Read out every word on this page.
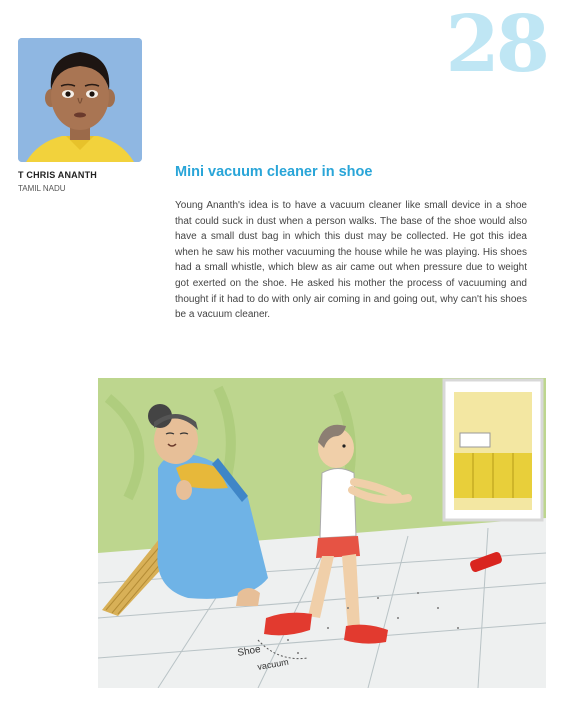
28
T CHRIS ANANTH
TAMIL NADU
Mini vacuum cleaner in shoe

Young Ananth's idea is to have a vacuum cleaner like small device in a shoe that could suck in dust when a person walks. The base of the shoe would also have a small dust bag in which this dust may be collected. He got this idea when he saw his mother vacuuming the house while he was playing. His shoes had a small whistle, which blew as air came out when pressure due to weight got exerted on the shoe. He asked his mother the process of vacuuming and thought if it had to do with only air coming in and going out, why can't his shoes be a vacuum cleaner.

Shoe
vacuum
